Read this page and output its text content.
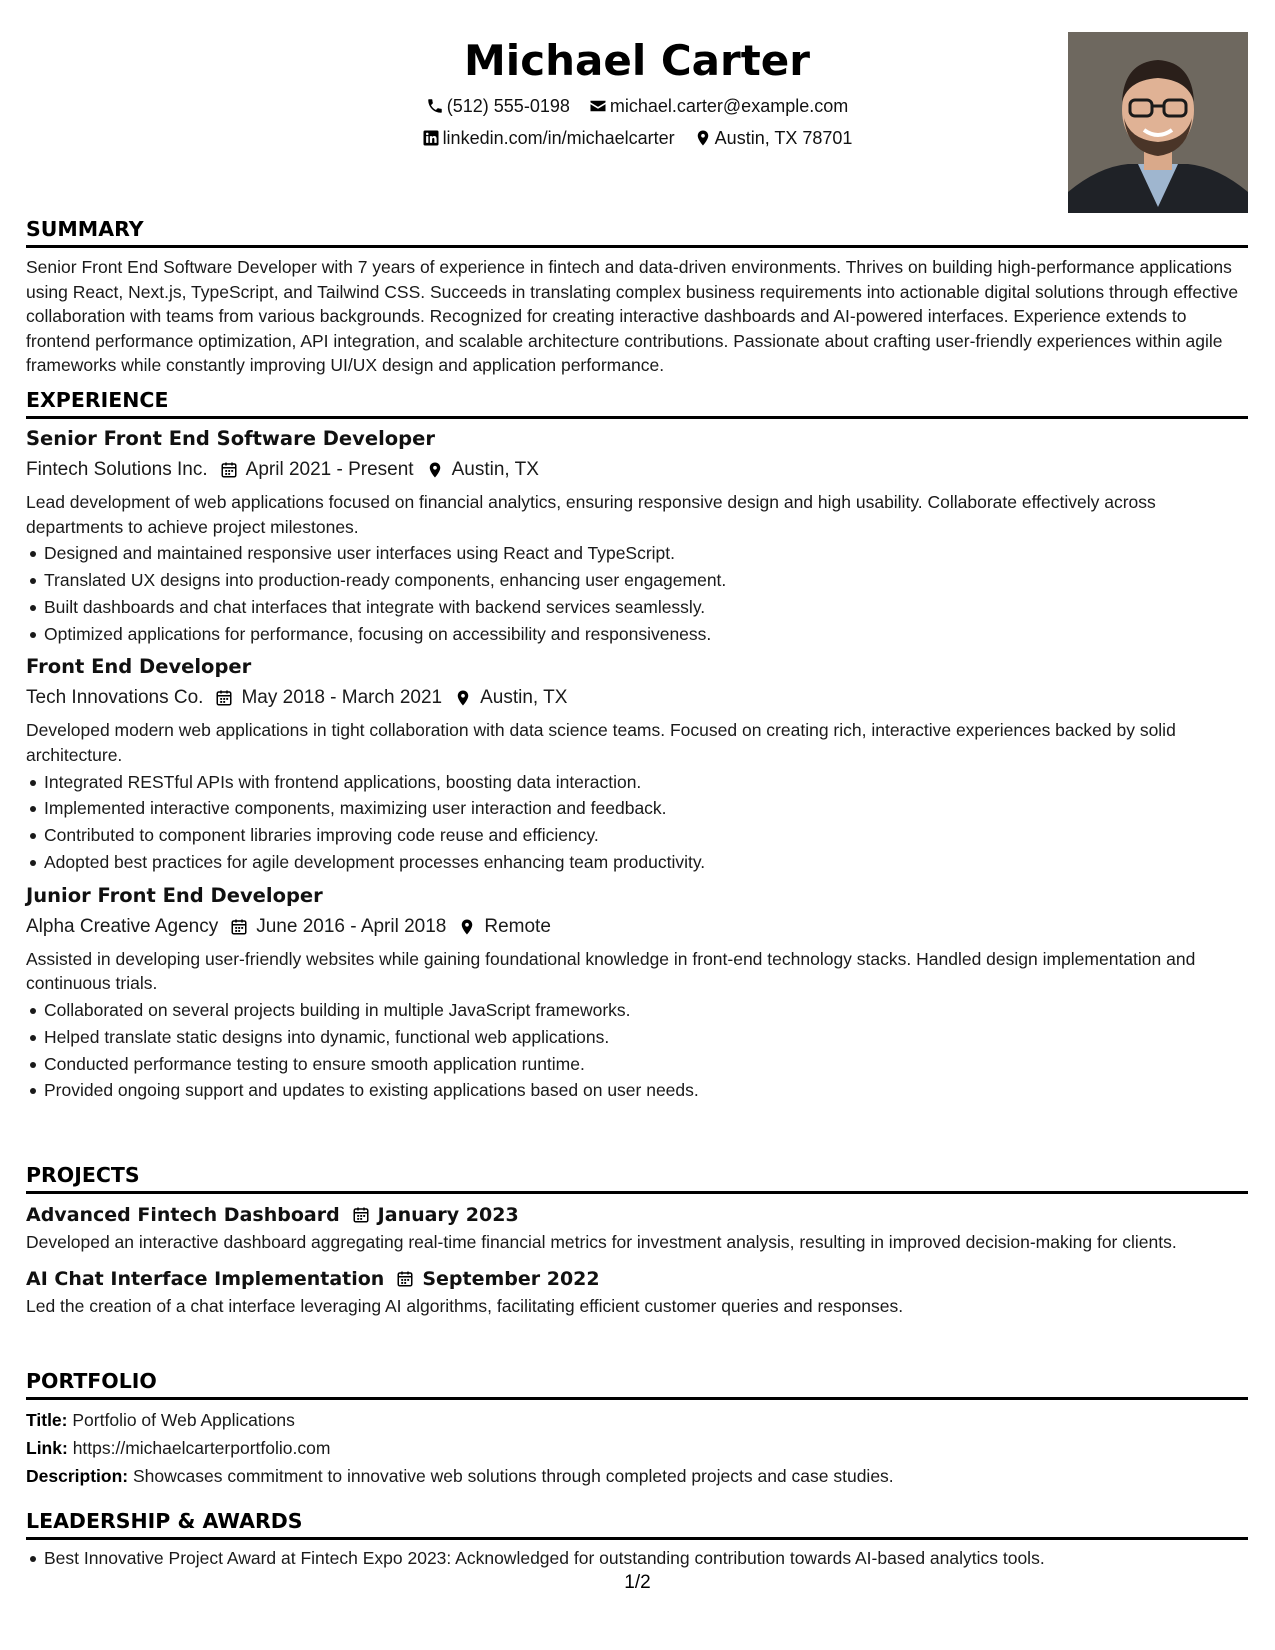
Michael Carter
(512) 555-0198
michael.carter@example.com
linkedin.com/in/michaelcarter
Austin, TX 78701
SUMMARY
Senior Front End Software Developer with 7 years of experience in fintech and data-driven environments. Thrives on building high-performance applications using React, Next.js, TypeScript, and Tailwind CSS. Succeeds in translating complex business requirements into actionable digital solutions through effective collaboration with teams from various backgrounds. Recognized for creating interactive dashboards and AI-powered interfaces. Experience extends to frontend performance optimization, API integration, and scalable architecture contributions. Passionate about crafting user-friendly experiences within agile frameworks while constantly improving UI/UX design and application performance.
EXPERIENCE
Senior Front End Software Developer
Fintech Solutions Inc. April 2021 - Present Austin, TX
Lead development of web applications focused on financial analytics, ensuring responsive design and high usability. Collaborate effectively across departments to achieve project milestones.
Designed and maintained responsive user interfaces using React and TypeScript.
Translated UX designs into production-ready components, enhancing user engagement.
Built dashboards and chat interfaces that integrate with backend services seamlessly.
Optimized applications for performance, focusing on accessibility and responsiveness.
Front End Developer
Tech Innovations Co. May 2018 - March 2021 Austin, TX
Developed modern web applications in tight collaboration with data science teams. Focused on creating rich, interactive experiences backed by solid architecture.
Integrated RESTful APIs with frontend applications, boosting data interaction.
Implemented interactive components, maximizing user interaction and feedback.
Contributed to component libraries improving code reuse and efficiency.
Adopted best practices for agile development processes enhancing team productivity.
Junior Front End Developer
Alpha Creative Agency June 2016 - April 2018 Remote
Assisted in developing user-friendly websites while gaining foundational knowledge in front-end technology stacks. Handled design implementation and continuous trials.
Collaborated on several projects building in multiple JavaScript frameworks.
Helped translate static designs into dynamic, functional web applications.
Conducted performance testing to ensure smooth application runtime.
Provided ongoing support and updates to existing applications based on user needs.
PROJECTS
Advanced Fintech Dashboard January 2023
Developed an interactive dashboard aggregating real-time financial metrics for investment analysis, resulting in improved decision-making for clients.
AI Chat Interface Implementation September 2022
Led the creation of a chat interface leveraging AI algorithms, facilitating efficient customer queries and responses.
PORTFOLIO
Title: Portfolio of Web Applications
Link: https://michaelcarterportfolio.com
Description: Showcases commitment to innovative web solutions through completed projects and case studies.
LEADERSHIP & AWARDS
Best Innovative Project Award at Fintech Expo 2023: Acknowledged for outstanding contribution towards AI-based analytics tools.
1/2
